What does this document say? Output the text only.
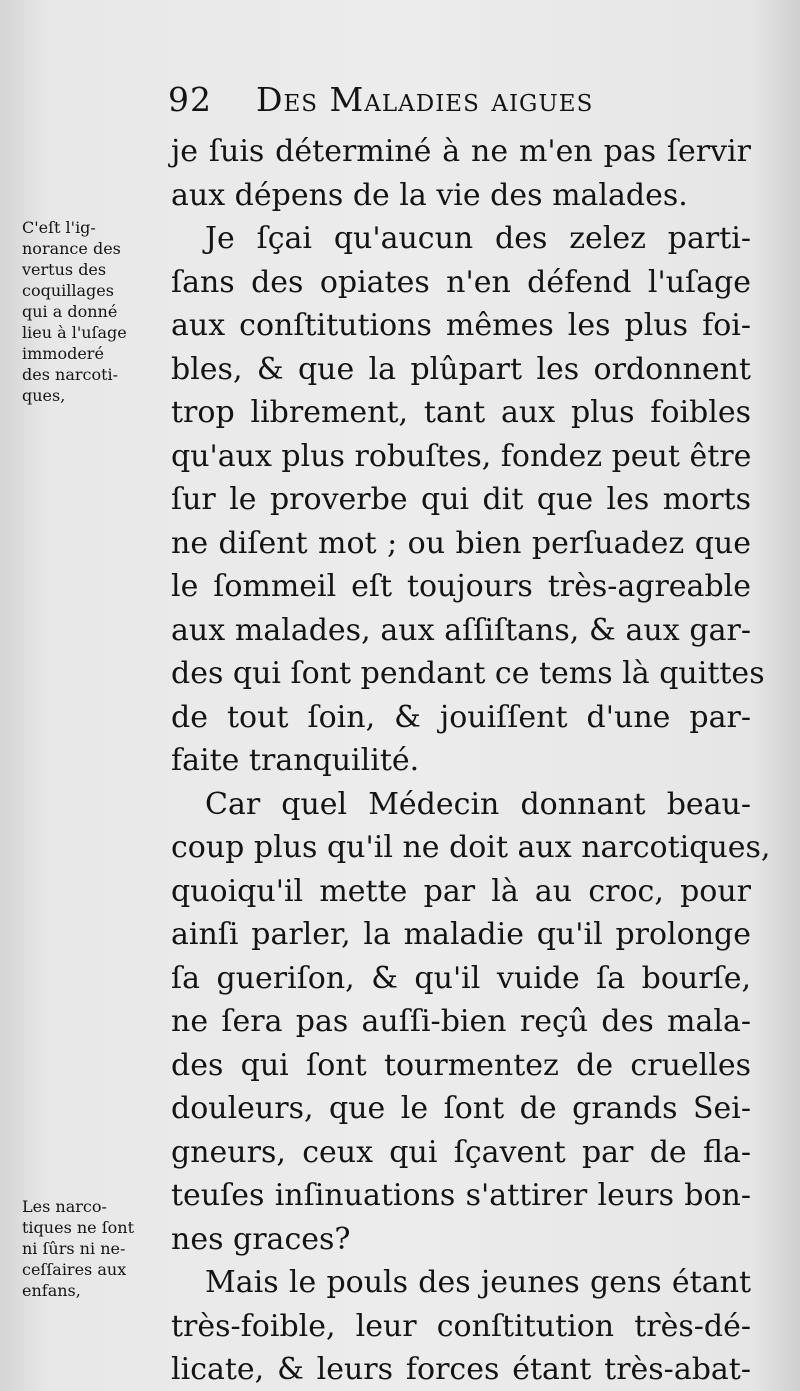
92 Des Maladies aigues
C'eſt l'ig-
norance des
vertus des
coquillages
qui a donné
lieu à l'uſage
immoderé
des narcoti-
ques,
Les narco-
tiques ne ſont
ni ſûrs ni ne-
ceſſaires aux
enfans,
je ſuis déterminé à ne m'en pas ſervir
aux dépens de la vie des malades.
Je ſçai qu'aucun des zelez parti-
ſans des opiates n'en défend l'uſage
aux conſtitutions mêmes les plus foi-
bles, & que la plûpart les ordonnent
trop librement, tant aux plus foibles
qu'aux plus robuſtes, fondez peut être
ſur le proverbe qui dit que les morts
ne diſent mot ; ou bien perſuadez que
le ſommeil eſt toujours très-agreable
aux malades, aux aſſiſtans, & aux gar-
des qui ſont pendant ce tems là quittes
de tout ſoin, & jouiſſent d'une par-
faite tranquilité.
Car quel Médecin donnant beau-
coup plus qu'il ne doit aux narcotiques,
quoiqu'il mette par là au croc, pour
ainſi parler, la maladie qu'il prolonge
ſa gueriſon, & qu'il vuide ſa bourſe,
ne ſera pas auſſi-bien reçû des mala-
des qui ſont tourmentez de cruelles
douleurs, que le ſont de grands Sei-
gneurs, ceux qui ſçavent par de fla-
teuſes inſinuations s'attirer leurs bon-
nes graces?
Mais le pouls des jeunes gens étant
très-foible, leur conſtitution très-dé-
licate, & leurs forces étant très-abat-
